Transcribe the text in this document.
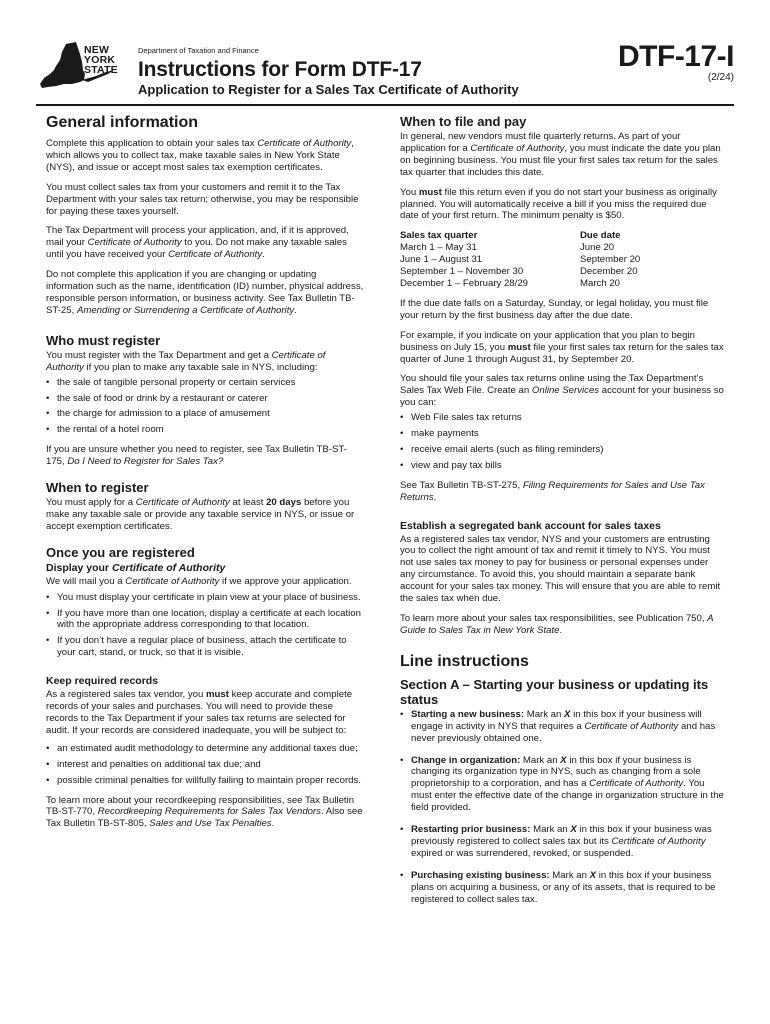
NEW
YORK
STATE
Department of Taxation and Finance
Instructions for Form DTF-17
Application to Register for a Sales Tax Certificate of Authority
DTF-17-I
(2/24)
General information

Complete this application to obtain your sales tax Certificate of Authority, which allows you to collect tax, make taxable sales in New York State (NYS), and issue or accept most sales tax exemption certificates.

You must collect sales tax from your customers and remit it to the Tax Department with your sales tax return; otherwise, you may be responsible for paying these taxes yourself.

The Tax Department will process your application, and, if it is approved, mail your Certificate of Authority to you. Do not make any taxable sales until you have received your Certificate of Authority.

Do not complete this application if you are changing or updating information such as the name, identification (ID) number, physical address, responsible person information, or business activity. See Tax Bulletin TB-ST-25, Amending or Surrendering a Certificate of Authority.

Who must register

You must register with the Tax Department and get a Certificate of Authority if you plan to make any taxable sale in NYS, including:

• the sale of tangible personal property or certain services
• the sale of food or drink by a restaurant or caterer
• the charge for admission to a place of amusement
• the rental of a hotel room

If you are unsure whether you need to register, see Tax Bulletin TB-ST-175, Do I Need to Register for Sales Tax?

When to register

You must apply for a Certificate of Authority at least 20 days before you make any taxable sale or provide any taxable service in NYS, or issue or accept exemption certificates.

Once you are registered
Display your Certificate of Authority

We will mail you a Certificate of Authority if we approve your application.

• You must display your certificate in plain view at your place of business.
• If you have more than one location, display a certificate at each location with the appropriate address corresponding to that location.
• If you don’t have a regular place of business, attach the certificate to your cart, stand, or truck, so that it is visible.
Keep required records

As a registered sales tax vendor, you must keep accurate and complete records of your sales and purchases. You will need to provide these records to the Tax Department if your sales tax returns are selected for audit. If your records are considered inadequate, you will be subject to:

• an estimated audit methodology to determine any additional taxes due;
• interest and penalties on additional tax due; and
• possible criminal penalties for willfully failing to maintain proper records.

To learn more about your recordkeeping responsibilities, see Tax Bulletin TB-ST-770, Recordkeeping Requirements for Sales Tax Vendors. Also see Tax Bulletin TB-ST-805, Sales and Use Tax Penalties.

When to file and pay

In general, new vendors must file quarterly returns. As part of your application for a Certificate of Authority, you must indicate the date you plan on beginning business. You must file your first sales tax return for the sales tax quarter that includes this date.

You must file this return even if you do not start your business as originally planned. You will automatically receive a bill if you miss the required due date of your first return. The minimum penalty is $50.

Sales tax quarter	Due date
March 1 – May 31	June 20
June 1 – August 31	September 20
September 1 – November 30	December 20
December 1 – February 28/29	March 20

If the due date falls on a Saturday, Sunday, or legal holiday, you must file your return by the first business day after the due date.

For example, if you indicate on your application that you plan to begin business on July 15, you must file your first sales tax return for the sales tax quarter of June 1 through August 31, by September 20.

You should file your sales tax returns online using the Tax Department’s Sales Tax Web File. Create an Online Services account for your business so you can:

• Web File sales tax returns
• make payments
• receive email alerts (such as filing reminders)
• view and pay tax bills

See Tax Bulletin TB-ST-275, Filing Requirements for Sales and Use Tax Returns.

Establish a segregated bank account for sales taxes

As a registered sales tax vendor, NYS and your customers are entrusting you to collect the right amount of tax and remit it timely to NYS. You must not use sales tax money to pay for business or personal expenses under any circumstance. To avoid this, you should maintain a separate bank account for your sales tax money. This will ensure that you are able to remit the sales tax when due.

To learn more about your sales tax responsibilities, see Publication 750, A Guide to Sales Tax in New York State.

Line instructions
Section A – Starting your business or updating its status
• Starting a new business: Mark an X in this box if your business will engage in activity in NYS that requires a Certificate of Authority and has never previously obtained one.
• Change in organization: Mark an X in this box if your business is changing its organization type in NYS, such as changing from a sole proprietorship to a corporation, and has a Certificate of Authority. You must enter the effective date of the change in organization structure in the field provided.
• Restarting prior business: Mark an X in this box if your business was previously registered to collect sales tax but its Certificate of Authority expired or was surrendered, revoked, or suspended.
• Purchasing existing business: Mark an X in this box if your business plans on acquiring a business, or any of its assets, that is required to be registered to collect sales tax.
